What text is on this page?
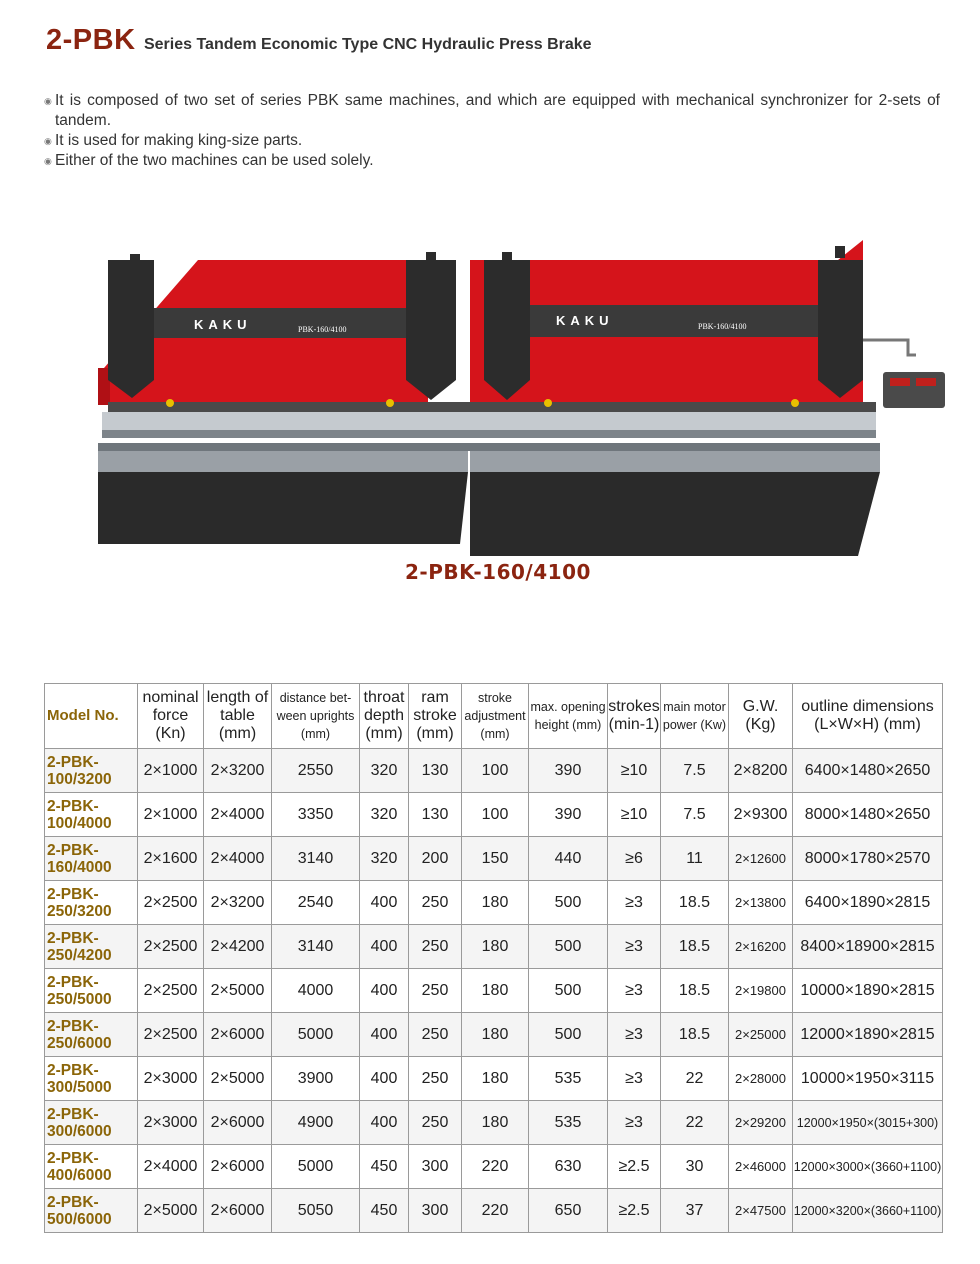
2-PBK Series Tandem Economic Type CNC Hydraulic Press Brake
◉ It is composed of two set of series PBK same machines, and which are equipped with mechanical synchronizer for 2-sets of tandem.
◉ It is used for making king-size parts.
◉ Either of the two machines can be used solely.
KAKU	PBK-160/4100
KAKU	PBK-160/4100
2-PBK-160/4100
Model No.	nominal force (Kn)	length of table (mm)	distance bet-ween uprights (mm)	throat depth (mm)	ram stroke (mm)	stroke adjustment (mm)	max. opening height (mm)	strokes (min-1)	main motor power (Kw)	G.W. (Kg)	outline dimensions (L×W×H) (mm)
2-PBK-100/3200	2×1000	2×3200	2550	320	130	100	390	≥10	7.5	2×8200	6400×1480×2650
2-PBK-100/4000	2×1000	2×4000	3350	320	130	100	390	≥10	7.5	2×9300	8000×1480×2650
2-PBK-160/4000	2×1600	2×4000	3140	320	200	150	440	≥6	11	2×12600	8000×1780×2570
2-PBK-250/3200	2×2500	2×3200	2540	400	250	180	500	≥3	18.5	2×13800	6400×1890×2815
2-PBK-250/4200	2×2500	2×4200	3140	400	250	180	500	≥3	18.5	2×16200	8400×18900×2815
2-PBK-250/5000	2×2500	2×5000	4000	400	250	180	500	≥3	18.5	2×19800	10000×1890×2815
2-PBK-250/6000	2×2500	2×6000	5000	400	250	180	500	≥3	18.5	2×25000	12000×1890×2815
2-PBK-300/5000	2×3000	2×5000	3900	400	250	180	535	≥3	22	2×28000	10000×1950×3115
2-PBK-300/6000	2×3000	2×6000	4900	400	250	180	535	≥3	22	2×29200	12000×1950×(3015+300)
2-PBK-400/6000	2×4000	2×6000	5000	450	300	220	630	≥2.5	30	2×46000	12000×3000×(3660+1100)
2-PBK-500/6000	2×5000	2×6000	5050	450	300	220	650	≥2.5	37	2×47500	12000×3200×(3660+1100)
